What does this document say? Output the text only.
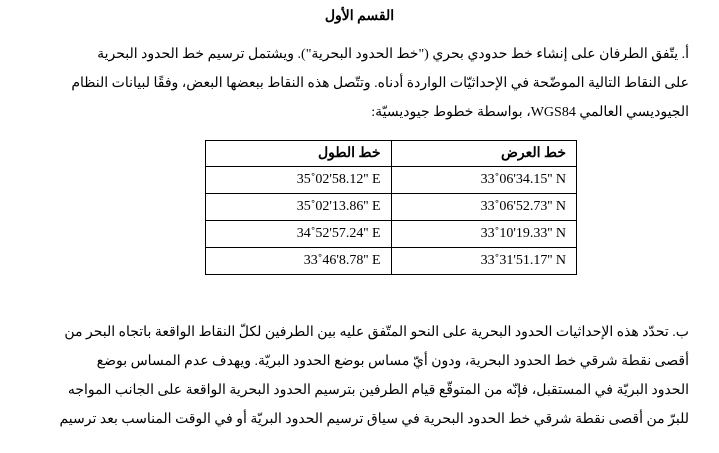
القسم الأول
أ. يتّفق الطرفان على إنشاء خط حدودي بحري ("خط الحدود البحرية"). ويشتمل ترسيم خط الحدود البحرية
على النقاط التالية الموضّحة في الإحداثيّات الواردة أدناه. وتتّصل هذه النقاط ببعضها البعض، وفقًا لبيانات النظام
الجيوديسي العالمي WGS84، بواسطة خطوط جيوديسيّة:
خط العرض	خط الطول
33˚06'34.15'' N	35˚02'58.12'' E
33˚06'52.73'' N	35˚02'13.86'' E
33˚10'19.33'' N	34˚52'57.24'' E
33˚31'51.17'' N	33˚46'8.78'' E
ب. تحدّد هذه الإحداثيات الحدود البحرية على النحو المتّفق عليه بين الطرفين لكلّ النقاط الواقعة باتجاه البحر من
أقصى نقطة شرقي خط الحدود البحرية، ودون أيّ مساس بوضع الحدود البريّة. ويهدف عدم المساس بوضع
الحدود البريّة في المستقبل، فإنّه من المتوقّع قيام الطرفين بترسيم الحدود البحرية الواقعة على الجانب المواجه
للبرّ من أقصى نقطة شرقي خط الحدود البحرية في سياق ترسيم الحدود البريّة أو في الوقت المناسب بعد ترسيم
